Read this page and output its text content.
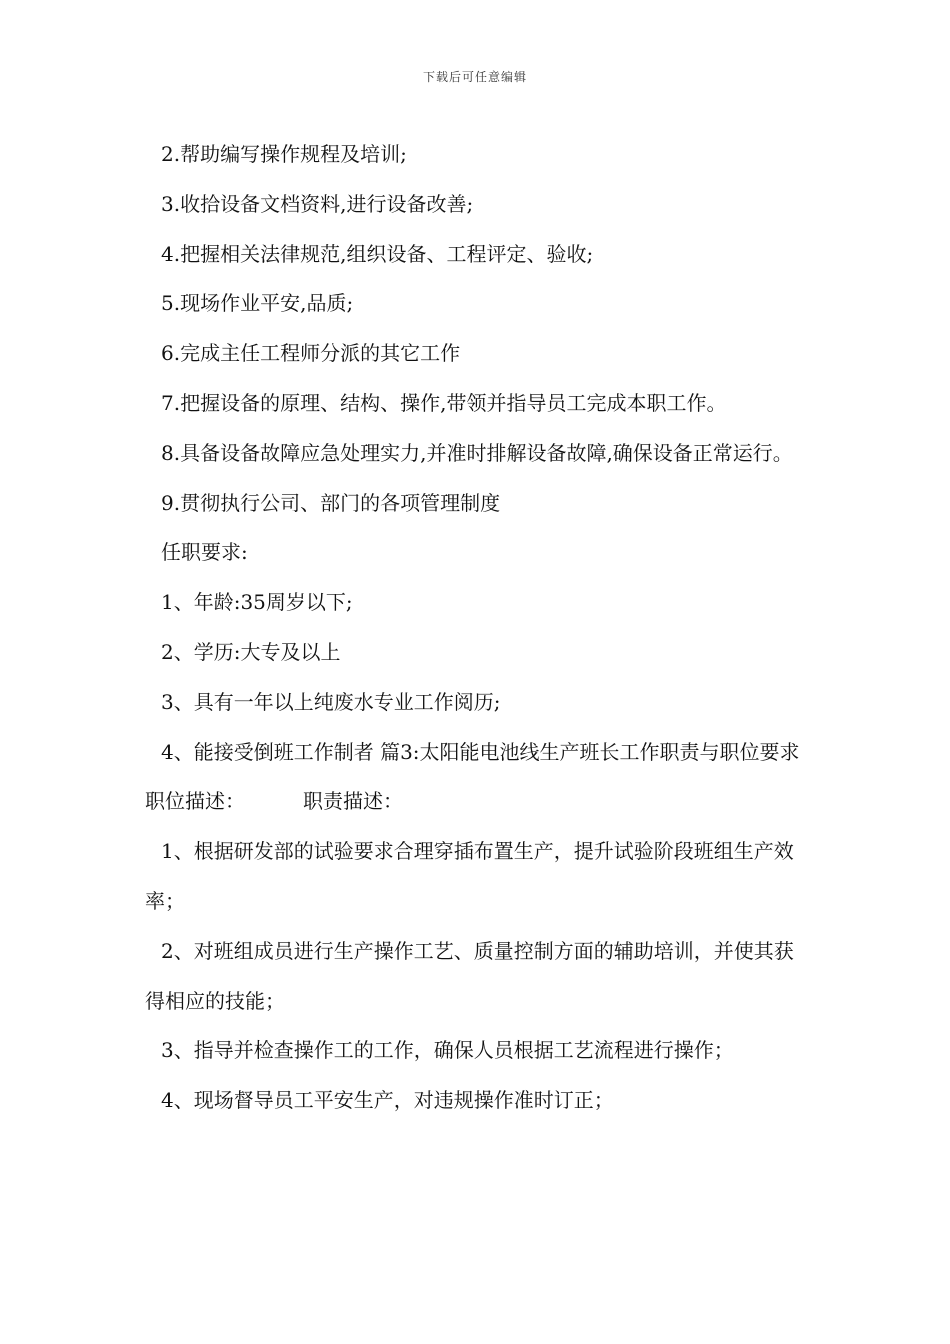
下载后可任意编辑

2.帮助编写操作规程及培训;

3.收拾设备文档资料,进行设备改善;

4.把握相关法律规范,组织设备、工程评定、验收;

5.现场作业平安,品质;

6.完成主任工程师分派的其它工作

7.把握设备的原理、结构、操作,带领并指导员工完成本职工作。

8.具备设备故障应急处理实力,并准时排解设备故障,确保设备正常运行。

9.贯彻执行公司、部门的各项管理制度

任职要求:

1、年龄:35周岁以下;

2、学历:大专及以上

3、具有一年以上纯废水专业工作阅历;

4、能接受倒班工作制者 篇3:太阳能电池线生产班长工作职责与职位要求

职位描述：	职责描述：

1、根据研发部的试验要求合理穿插布置生产，提升试验阶段班组生产效率；

2、对班组成员进行生产操作工艺、质量控制方面的辅助培训，并使其获得相应的技能；

3、指导并检查操作工的工作，确保人员根据工艺流程进行操作；

4、现场督导员工平安生产，对违规操作准时订正；
